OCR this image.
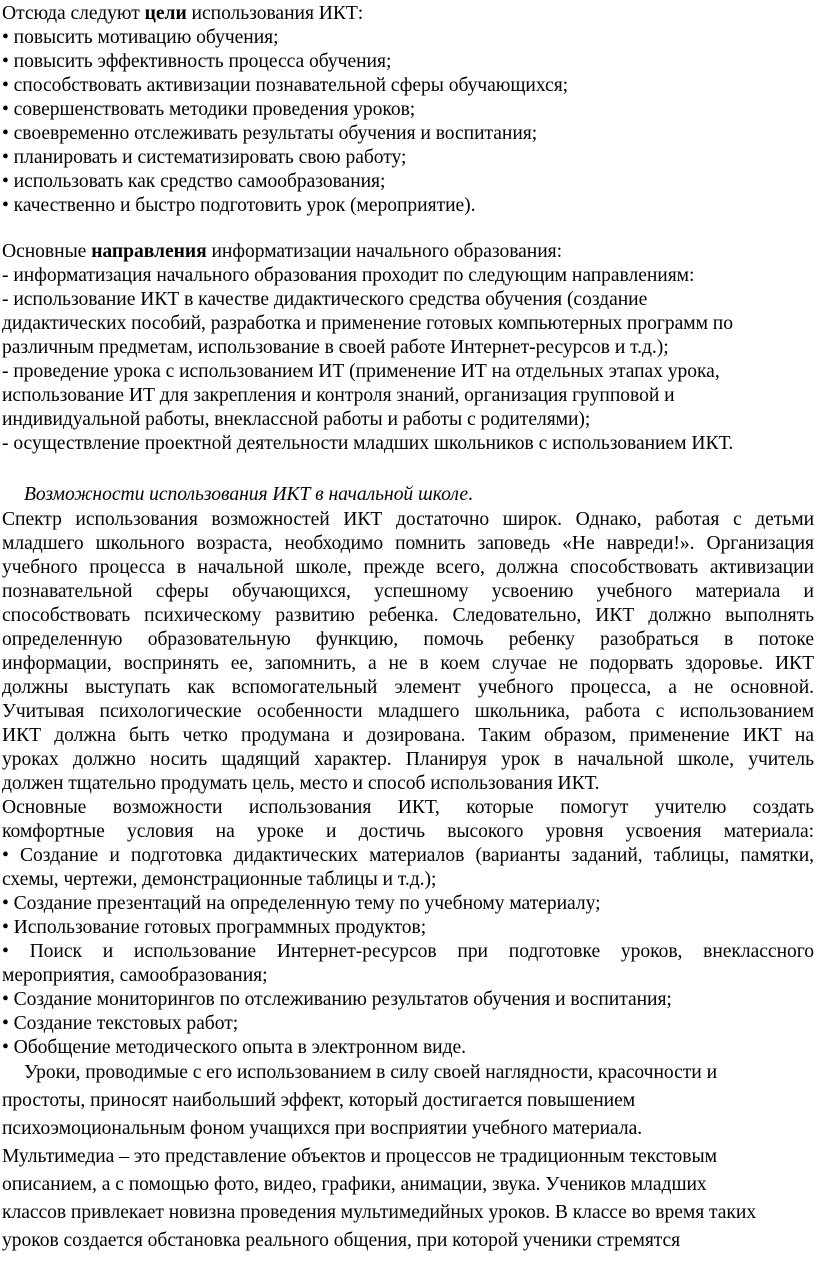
Отсюда следуют цели использования ИКТ:
• повысить мотивацию обучения;
• повысить эффективность процесса обучения;
• способствовать активизации познавательной сферы обучающихся;
• совершенствовать методики проведения уроков;
• своевременно отслеживать результаты обучения и воспитания;
• планировать и систематизировать свою работу;
• использовать как средство самообразования;
• качественно и быстро подготовить урок (мероприятие).
Основные направления информатизации начального образования:
- информатизация начального образования проходит по следующим направлениям:
- использование ИКТ в качестве дидактического средства обучения (создание
дидактических пособий, разработка и применение готовых компьютерных программ по
различным предметам, использование в своей работе Интернет-ресурсов и т.д.);
- проведение урока с использованием ИТ (применение ИТ на отдельных этапах урока,
использование ИТ для закрепления и контроля знаний, организация групповой и
индивидуальной работы, внеклассной работы и работы с родителями);
- осуществление проектной деятельности младших школьников с использованием ИКТ.
Возможности использования ИКТ в начальной школе.
Спектр использования возможностей ИКТ достаточно широк. Однако, работая с детьми
младшего школьного возраста, необходимо помнить заповедь «Не навреди!». Организация
учебного процесса в начальной школе, прежде всего, должна способствовать активизации
познавательной сферы обучающихся, успешному усвоению учебного материала и
способствовать психическому развитию ребенка. Следовательно, ИКТ должно выполнять
определенную образовательную функцию, помочь ребенку разобраться в потоке
информации, воспринять ее, запомнить, а не в коем случае не подорвать здоровье. ИКТ
должны выступать как вспомогательный элемент учебного процесса, а не основной.
Учитывая психологические особенности младшего школьника, работа с использованием
ИКТ должна быть четко продумана и дозирована. Таким образом, применение ИКТ на
уроках должно носить щадящий характер. Планируя урок в начальной школе, учитель
должен тщательно продумать цель, место и способ использования ИКТ.
Основные возможности использования ИКТ, которые помогут учителю создать
комфортные условия на уроке и достичь высокого уровня усвоения материала:
• Создание и подготовка дидактических материалов (варианты заданий, таблицы, памятки,
схемы, чертежи, демонстрационные таблицы и т.д.);
• Создание презентаций на определенную тему по учебному материалу;
• Использование готовых программных продуктов;
• Поиск и использование Интернет-ресурсов при подготовке уроков, внеклассного
мероприятия, самообразования;
• Создание мониторингов по отслеживанию результатов обучения и воспитания;
• Создание текстовых работ;
• Обобщение методического опыта в электронном виде.
Уроки, проводимые с его использованием в силу своей наглядности, красочности и
простоты, приносят наибольший эффект, который достигается повышением
психоэмоциональным фоном учащихся при восприятии учебного материала.
Мультимедиа – это представление объектов и процессов не традиционным текстовым
описанием, а с помощью фото, видео, графики, анимации, звука. Учеников младших
классов привлекает новизна проведения мультимедийных уроков. В классе во время таких
уроков создается обстановка реального общения, при которой ученики стремятся
